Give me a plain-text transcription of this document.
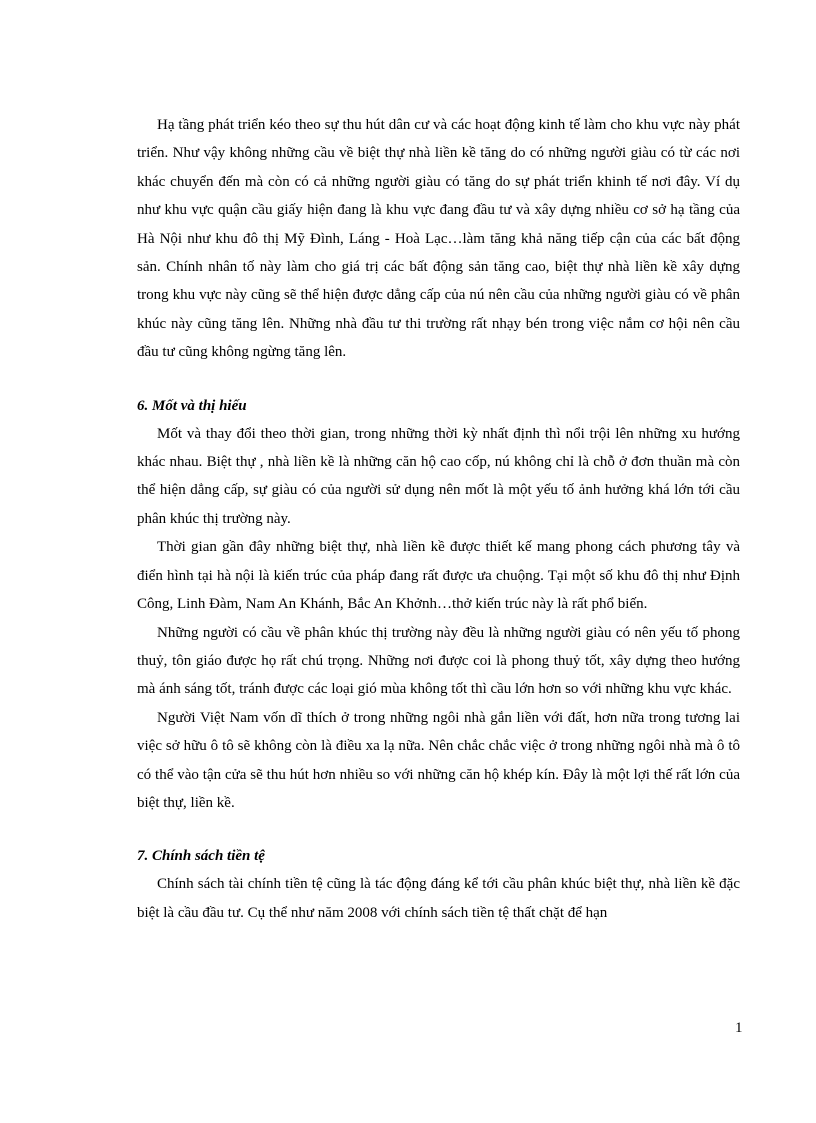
Hạ tầng phát triển kéo theo sự thu hút dân cư và các hoạt động kinh tế làm cho khu vực này phát triển. Như vậy không những cầu về biệt thự nhà liền kề tăng do có những người giàu có từ các nơi khác chuyển đến mà còn có cả những người giàu có tăng do sự phát triển khinh tế nơi đây. Ví dụ như khu vực quận cầu giấy hiện đang là khu vực đang đầu tư và xây dựng nhiều cơ sở hạ tầng của Hà Nội như khu đô thị Mỹ Đình, Láng - Hoà Lạc…làm tăng khả năng tiếp cận của các bất động sản. Chính nhân tố này làm cho giá trị các bất động sản tăng cao, biệt thự nhà liền kề xây dựng trong khu vực này cũng sẽ thể hiện được dẳng cấp của nú nên cầu của những người giàu có về phân khúc này cũng tăng lên. Những nhà đầu tư thi trường rất nhạy bén trong việc nắm cơ hội nên cầu đầu tư cũng không ngừng tăng lên.

6. Mốt và thị hiếu

Mốt và thay đổi theo thời gian, trong những thời kỳ nhất định thì nổi trội lên những xu hướng khác nhau. Biệt thự , nhà liền kề là những căn hộ cao cốp, nú không chỉ là chỗ ở đơn thuần mà còn thể hiện dẳng cấp, sự giàu có của người sử dụng nên mốt là một yếu tố ảnh hưởng khá lớn tới cầu phân khúc thị trường này.

Thời gian gần đây những biệt thự, nhà liền kề được thiết kế mang phong cách phương tây và điển hình tại hà nội là kiến trúc của pháp đang rất được ưa chuộng. Tại một số khu đô thị như Định Công, Linh Đàm, Nam An Khánh, Bắc An Khởnh…thở kiến trúc này là rất phổ biến.

Những người có cầu về phân khúc thị trường này đều là những người giàu có nên yếu tố phong thuỷ, tôn giáo được họ rất chú trọng. Những nơi được coi là phong thuỷ tốt, xây dựng theo hướng mà ánh sáng tốt, tránh được các loại gió mùa không tốt thì cầu lớn hơn so với những khu vực khác.

Người Việt Nam vốn dĩ thích ở trong những ngôi nhà gắn liền với đất, hơn nữa trong tương lai việc sở hữu ô tô sẽ không còn là điều xa lạ nữa. Nên chắc chắc việc ở trong những ngôi nhà mà ô tô có thể vào tận cửa sẽ thu hút hơn nhiều so với những căn hộ khép kín. Đây là một lợi thế rất lớn của biệt thự, liền kề.

7. Chính sách tiền tệ

Chính sách tài chính tiền tệ cũng là tác động đáng kể tới cầu phân khúc biệt thự, nhà liền kề đặc biệt là cầu đầu tư. Cụ thể như năm 2008 với chính sách tiền tệ thất chặt để hạn

1
